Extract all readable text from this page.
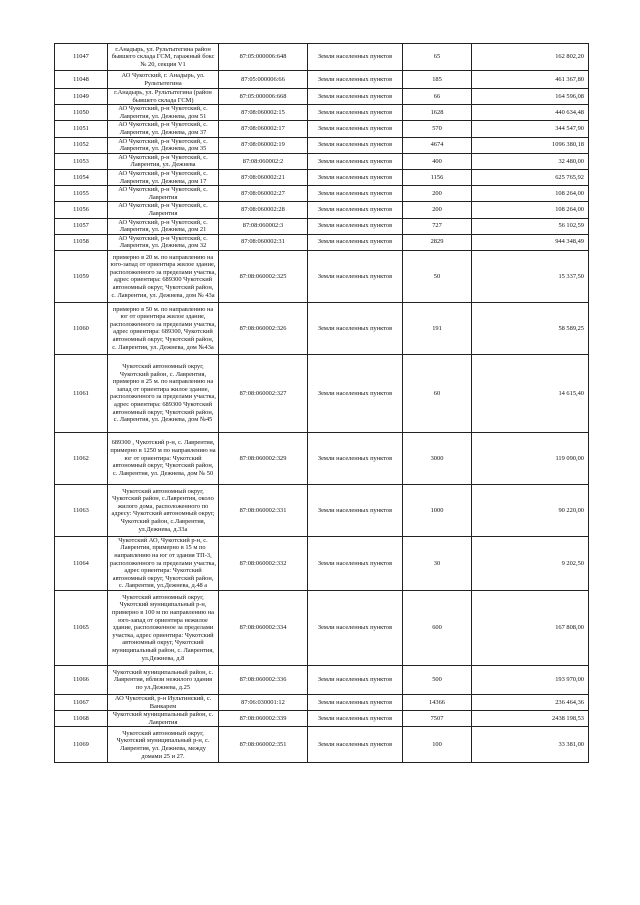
11047	г.Анадырь, ул. Рультытегина район бывшего склада ГСМ, гаражный бокс № 20, секция V1	87:05:000006:648	Земли населенных пунктов	65	162 802,20
11048	АО Чукотский, г. Анадырь, ул. Рультытегина	87:05:000006:66	Земли населенных пунктов	185	461 367,80
11049	г.Анадырь, ул. Рультытегина (район бывшего склада ГСМ)	87:05:000006:668	Земли населенных пунктов	66	164 596,08
11050	АО Чукотский, р-н Чукотский, с. Лаврентия, ул. Дежнева, дом 51	87:08:060002:15	Земли населенных пунктов	1628	440 634,48
11051	АО Чукотский, р-н Чукотский, с. Лаврентия, ул. Дежнева, дом 37	87:08:060002:17	Земли населенных пунктов	570	344 547,90
11052	АО Чукотский, р-н Чукотский, с. Лаврентия, ул. Дежнева, дом 35	87:08:060002:19	Земли населенных пунктов	4674	1096 380,18
11053	АО Чукотский, р-н Чукотский, с. Лаврентия, ул. Дежнева	87:08:060002:2	Земли населенных пунктов	400	32 480,00
11054	АО Чукотский, р-н Чукотский, с. Лаврентия, ул. Дежнева, дом 17	87:08:060002:21	Земли населенных пунктов	1156	625 765,92
11055	АО Чукотский, р-н Чукотский, с. Лаврентия	87:08:060002:27	Земли населенных пунктов	200	108 264,00
11056	АО Чукотский, р-н Чукотский, с. Лаврентия	87:08:060002:28	Земли населенных пунктов	200	108 264,00
11057	АО Чукотский, р-н Чукотский, с. Лаврентия, ул. Дежнева, дом 21	87:08:060002:3	Земли населенных пунктов	727	56 102,59
11058	АО Чукотский, р-н Чукотский, с. Лаврентия, ул. Дежнева, дом 32	87:08:060002:31	Земли населенных пунктов	2829	944 348,49
11059	примерно в 20 м. по направлению на юго-запад от ориентира жилое здание, расположенного за пределами участка, адрес ориентира: 689300 Чукотский автономный округ, Чукотский район, с. Лаврентия, ул. Дежнева, дом № 43а	87:08:060002:325	Земли населенных пунктов	50	15 337,50
11060	примерно в 50 м. по направлению на юг от ориентира жилое здание, расположенного за пределами участка, адрес ориентира: 689300, Чукотский автономный округ, Чукотский район, с. Лаврентия, ул. Дежнева, дом №43а	87:08:060002:326	Земли населенных пунктов	191	58 589,25
11061	Чукотский автономный округ, Чукотский район, с. Лаврентия, примерно в 25 м. по направлению на запад от ориентира жилое здание, расположенного за пределами участка, адрес ориентира: 689300 Чукотский автономный округ, Чукотский район, с. Лаврентия, ул. Дежнева, дом №45	87:08:060002:327	Земли населенных пунктов	60	14 615,40
11062	689300 , Чукотский р-н, с. Лаврентия, примерно в 1250 м по направлению на юг от ориентира: Чукотский автономный округ, Чукотский район, с. Лаврентия, ул. Дежнева, дом № 50	87:08:060002:329	Земли населенных пунктов	3000	119 090,00
11063	Чукотский автономный округ, Чукотский район, с.Лаврентия, около жилого дома, расположенного по адресу: Чукотский автономный округ, Чукотский район, с.Лаврентия, ул.Дежнева, д.33а	87:08:060002:331	Земли населенных пунктов	1000	90 220,00
11064	Чукотский АО, Чукотский р-н, с. Лаврентия, примерно в 15 м по направлению на юг от здания ТП-3, расположенного за пределами участка, адрес ориентира: Чукотский автономный округ, Чукотский район, с. Лаврентия, ул.Дежнева, д.48 а	87:08:060002:332	Земли населенных пунктов	30	9 202,50
11065	Чукотский автономный округ, Чукотский муниципальный р-н, примерно в 100 м по направлению на юго-запад от ориентира нежилое здание, расположенное за пределами участка, адрес ориентира: Чукотский автономный округ, Чукотский муниципальный район, с. Лаврентия, ул.Дежнева, д.8	87:08:060002:334	Земли населенных пунктов	600	167 808,00
11066	Чукотский муниципальный район, с. Лаврентия, вблизи нежилого здания по ул.Дежнева, д.25	87:08:060002:336	Земли населенных пунктов	500	193 970,00
11067	АО Чукотский, р-н Иультинский, с. Ванкарем	87:06:030001:12	Земли населенных пунктов	14366	236 464,36
11068	Чукотский муниципальный район, с. Лаврентия	87:08:060002:339	Земли населенных пунктов	7507	2438 198,53
11069	Чукотский автономный округ, Чукотский муниципальный р-н, с. Лаврентия, ул. Дежнева, между домами 25 и 27.	87:08:060002:351	Земли населенных пунктов	100	33 381,00
